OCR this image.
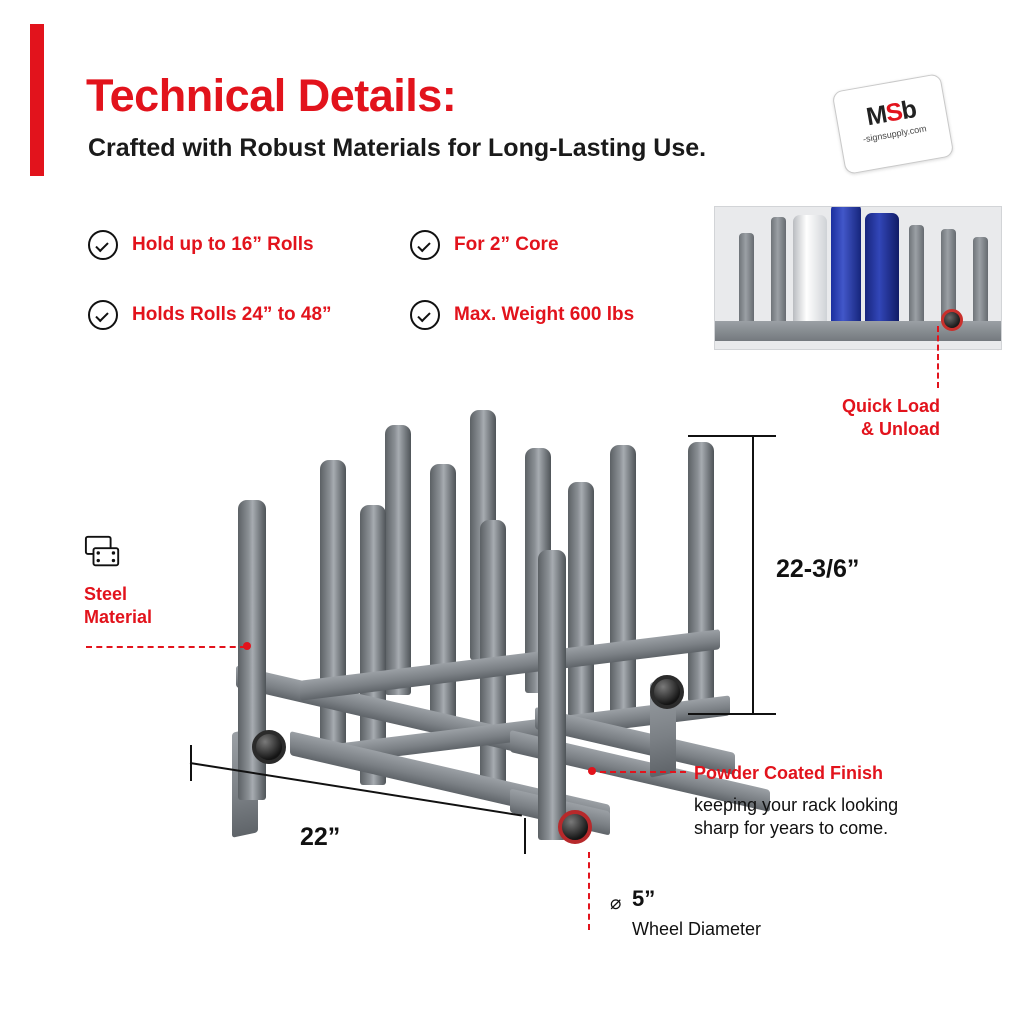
Technical Details:
Crafted with Robust Materials for Long-Lasting Use.
MSb
-signsupply.com
Hold up to 16” Rolls	For 2” Core
Holds Rolls 24” to 48”	Max. Weight 600 lbs
Quick Load
& Unload
22-3/6”
22”
Steel
Material
Powder Coated Finish
keeping your rack looking
sharp for years to come.
⌀ 5”
Wheel Diameter
